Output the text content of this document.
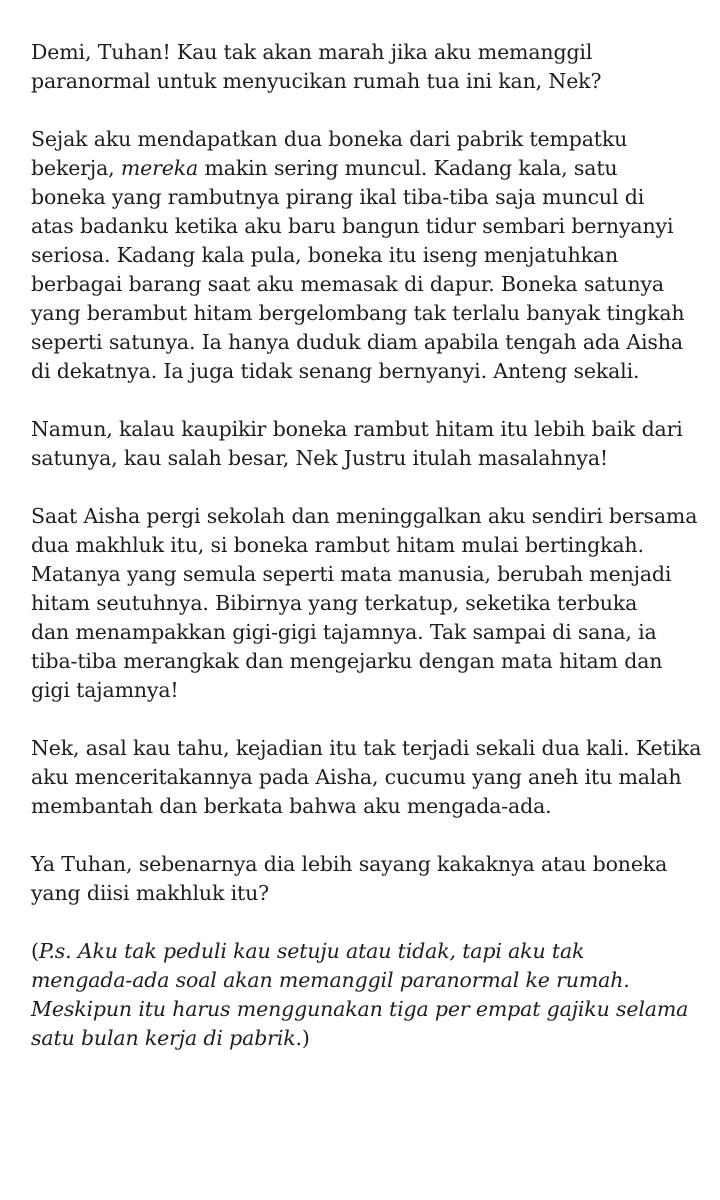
Demi, Tuhan! Kau tak akan marah jika aku memanggil
paranormal untuk menyucikan rumah tua ini kan, Nek?

Sejak aku mendapatkan dua boneka dari pabrik tempatku
bekerja, mereka makin sering muncul. Kadang kala, satu
boneka yang rambutnya pirang ikal tiba-tiba saja muncul di
atas badanku ketika aku baru bangun tidur sembari bernyanyi
seriosa. Kadang kala pula, boneka itu iseng menjatuhkan
berbagai barang saat aku memasak di dapur. Boneka satunya
yang berambut hitam bergelombang tak terlalu banyak tingkah
seperti satunya. Ia hanya duduk diam apabila tengah ada Aisha
di dekatnya. Ia juga tidak senang bernyanyi. Anteng sekali.

Namun, kalau kaupikir boneka rambut hitam itu lebih baik dari
satunya, kau salah besar, Nek Justru itulah masalahnya!

Saat Aisha pergi sekolah dan meninggalkan aku sendiri bersama
dua makhluk itu, si boneka rambut hitam mulai bertingkah.
Matanya yang semula seperti mata manusia, berubah menjadi
hitam seutuhnya. Bibirnya yang terkatup, seketika terbuka
dan menampakkan gigi-gigi tajamnya. Tak sampai di sana, ia
tiba-tiba merangkak dan mengejarku dengan mata hitam dan
gigi tajamnya!

Nek, asal kau tahu, kejadian itu tak terjadi sekali dua kali. Ketika
aku menceritakannya pada Aisha, cucumu yang aneh itu malah
membantah dan berkata bahwa aku mengada-ada.

Ya Tuhan, sebenarnya dia lebih sayang kakaknya atau boneka
yang diisi makhluk itu?

(P.s. Aku tak peduli kau setuju atau tidak, tapi aku tak
mengada-ada soal akan memanggil paranormal ke rumah.
Meskipun itu harus menggunakan tiga per empat gajiku selama
satu bulan kerja di pabrik.)
